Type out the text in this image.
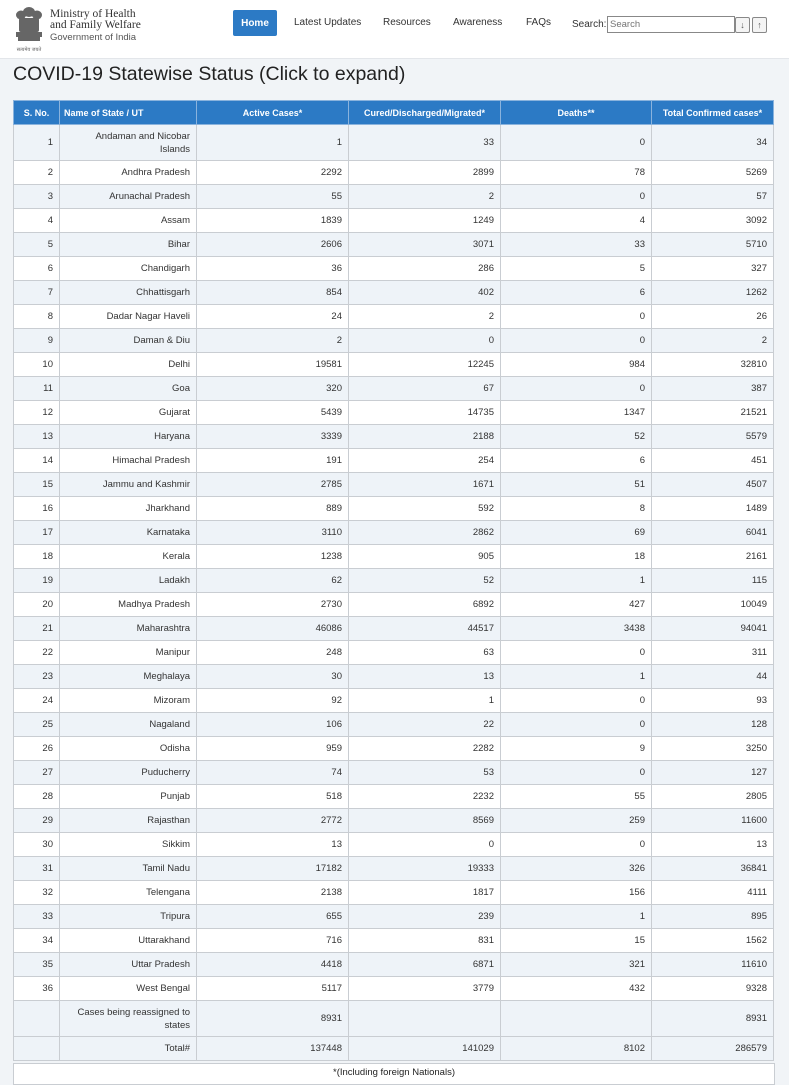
सत्यमेव जयते
Ministry of Health
and Family Welfare
Government of India
Home	Latest Updates Resources Awareness FAQs Search:
Search	↓	↑
COVID-19 Statewise Status (Click to expand)
S. No.	Name of State / UT	Active Cases*	Cured/Discharged/Migrated*	Deaths**	Total Confirmed cases*
1	Andaman and Nicobar Islands	1	33	0	34
2	Andhra Pradesh	2292	2899	78	5269
3	Arunachal Pradesh	55	2	0	57
4	Assam	1839	1249	4	3092
5	Bihar	2606	3071	33	5710
6	Chandigarh	36	286	5	327
7	Chhattisgarh	854	402	6	1262
8	Dadar Nagar Haveli	24	2	0	26
9	Daman & Diu	2	0	0	2
10	Delhi	19581	12245	984	32810
11	Goa	320	67	0	387
12	Gujarat	5439	14735	1347	21521
13	Haryana	3339	2188	52	5579
14	Himachal Pradesh	191	254	6	451
15	Jammu and Kashmir	2785	1671	51	4507
16	Jharkhand	889	592	8	1489
17	Karnataka	3110	2862	69	6041
18	Kerala	1238	905	18	2161
19	Ladakh	62	52	1	115
20	Madhya Pradesh	2730	6892	427	10049
21	Maharashtra	46086	44517	3438	94041
22	Manipur	248	63	0	311
23	Meghalaya	30	13	1	44
24	Mizoram	92	1	0	93
25	Nagaland	106	22	0	128
26	Odisha	959	2282	9	3250
27	Puducherry	74	53	0	127
28	Punjab	518	2232	55	2805
29	Rajasthan	2772	8569	259	11600
30	Sikkim	13	0	0	13
31	Tamil Nadu	17182	19333	326	36841
32	Telengana	2138	1817	156	4111
33	Tripura	655	239	1	895
34	Uttarakhand	716	831	15	1562
35	Uttar Pradesh	4418	6871	321	11610
36	West Bengal	5117	3779	432	9328
	Cases being reassigned to states	8931			8931
	Total#	137448	141029	8102	286579
*(Including foreign Nationals)
